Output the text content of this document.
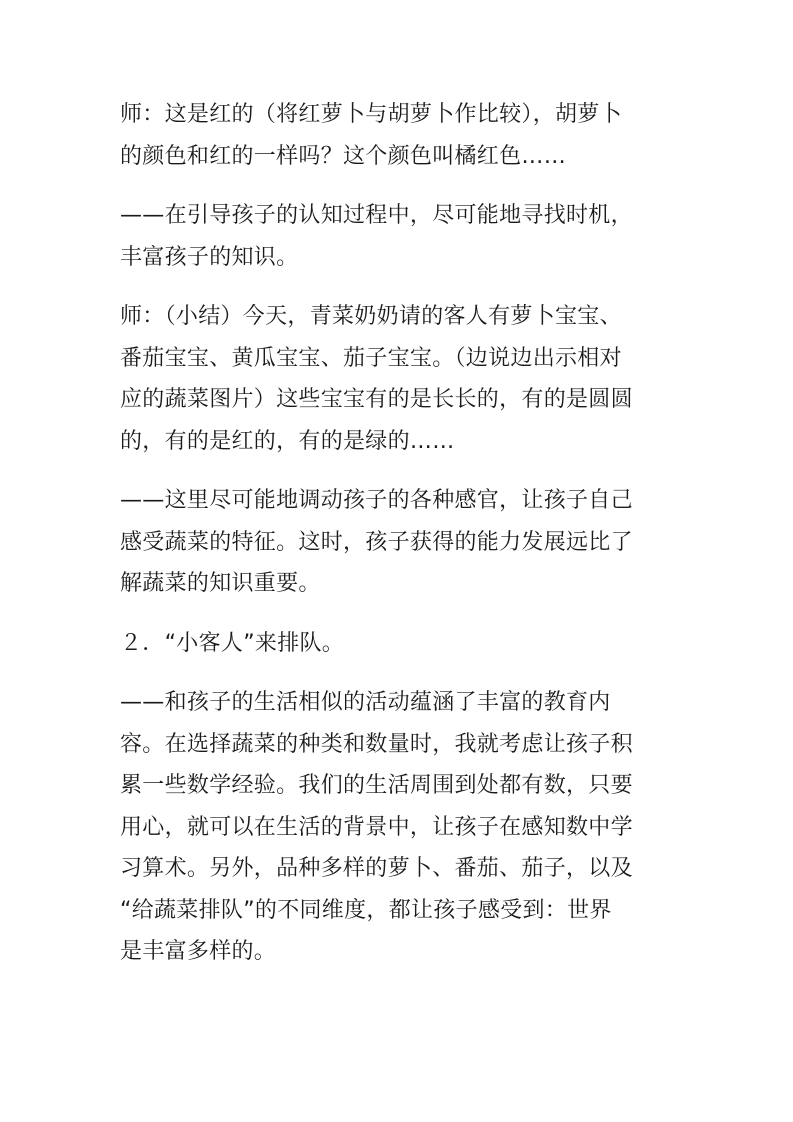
师：这是红的（将红萝卜与胡萝卜作比较），胡萝卜
的颜色和红的一样吗？这个颜色叫橘红色……

——在引导孩子的认知过程中，尽可能地寻找时机，
丰富孩子的知识。

师：（小结）今天，青菜奶奶请的客人有萝卜宝宝、
番茄宝宝、黄瓜宝宝、茄子宝宝。（边说边出示相对
应的蔬菜图片）这些宝宝有的是长长的，有的是圆圆
的，有的是红的，有的是绿的……

——这里尽可能地调动孩子的各种感官，让孩子自己
感受蔬菜的特征。这时，孩子获得的能力发展远比了
解蔬菜的知识重要。

２．“小客人”来排队。

——和孩子的生活相似的活动蕴涵了丰富的教育内
容。在选择蔬菜的种类和数量时，我就考虑让孩子积
累一些数学经验。我们的生活周围到处都有数，只要
用心，就可以在生活的背景中，让孩子在感知数中学
习算术。另外，品种多样的萝卜、番茄、茄子，以及
“给蔬菜排队”的不同维度，都让孩子感受到：世界
是丰富多样的。
